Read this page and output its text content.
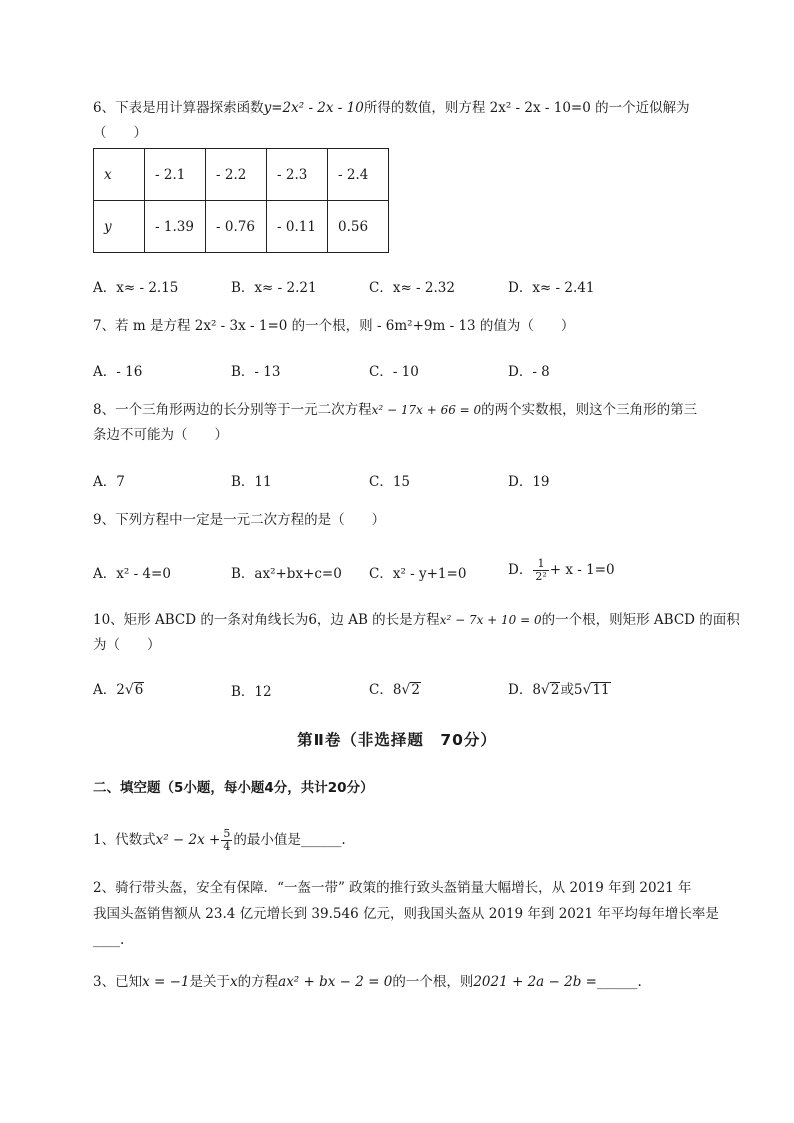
6、下表是用计算器探索函数y=2x² - 2x - 10所得的数值，则方程 2x² - 2x - 10=0 的一个近似解为
（　　）
x	- 2.1	- 2.2	- 2.3	- 2.4
y	- 1.39	- 0.76	- 0.11	0.56
A．x≈ - 2.15	B．x≈ - 2.21	C．x≈ - 2.32	D．x≈ - 2.41
7、若 m 是方程 2x² - 3x - 1=0 的一个根，则 - 6m²+9m - 13 的值为（　　）
A．- 16	B．- 13	C．- 10	D．- 8
8、一个三角形两边的长分别等于一元二次方程x² − 17x + 66 = 0的两个实数根，则这个三角形的第三
条边不可能为（　　）
A．7	B．11	C．15	D．19
9、下列方程中一定是一元二次方程的是（　　）
A．x² - 4=0	B．ax²+bx+c=0 C．x² - y+1=0	D． $\frac{1}{\text{2²}} + x - 1=0$
10、矩形 ABCD 的一条对角线长为6，边 AB 的长是方程x² − 7x + 10 = 0的一个根，则矩形 ABCD 的面积
为（　　）
A．2√6	B．12	C．8√2	D．8√2或5√11
第Ⅱ卷（非选择题　70分）
二、填空题（5小题，每小题4分，共计20分）
1、代数式$x^2 - 2x + \frac{5}{4}$ 的最小值是______.
2、骑行带头盔，安全有保障．“一盔一带” 政策的推行致头盔销量大幅增长，从 2019 年到 2021 年
我国头盔销售额从 23.4 亿元增长到 39.546 亿元，则我国头盔从 2019 年到 2021 年平均每年增长率是
____.
3、已知x = −1是关于x的方程ax² + bx − 2 = 0的一个根，则2021 + 2a − 2b =______.
